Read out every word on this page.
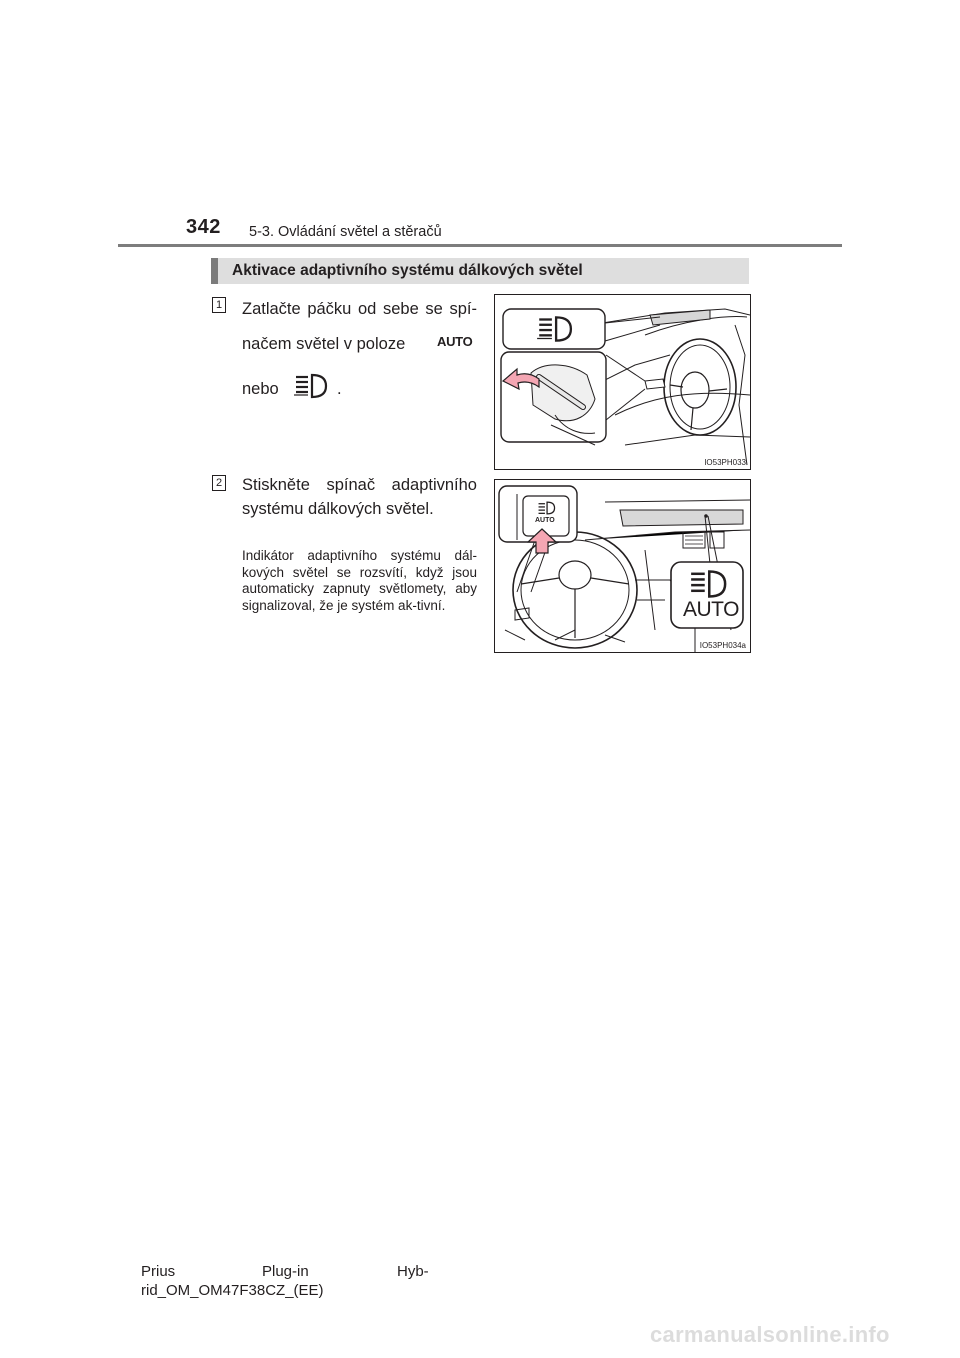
342 5-3. Ovládání světel a stěračů
Aktivace adaptivního systému dálkových světel
1 Zatlačte páčku od sebe se spí-
načem světel v poloze AUTO
nebo	.
IO53PH033
2 Stiskněte spínač adaptivního systému dálkových světel.
Indikátor adaptivního systému dál-kových světel se rozsvítí, když jsou automaticky zapnuty světlomety, aby signalizoval, že je systém ak-tivní.
AUTO
AUTO
IO53PH034a
Prius	Plug-in	Hyb-
rid_OM_OM47F38CZ_(EE)
carmanualsonline.info
